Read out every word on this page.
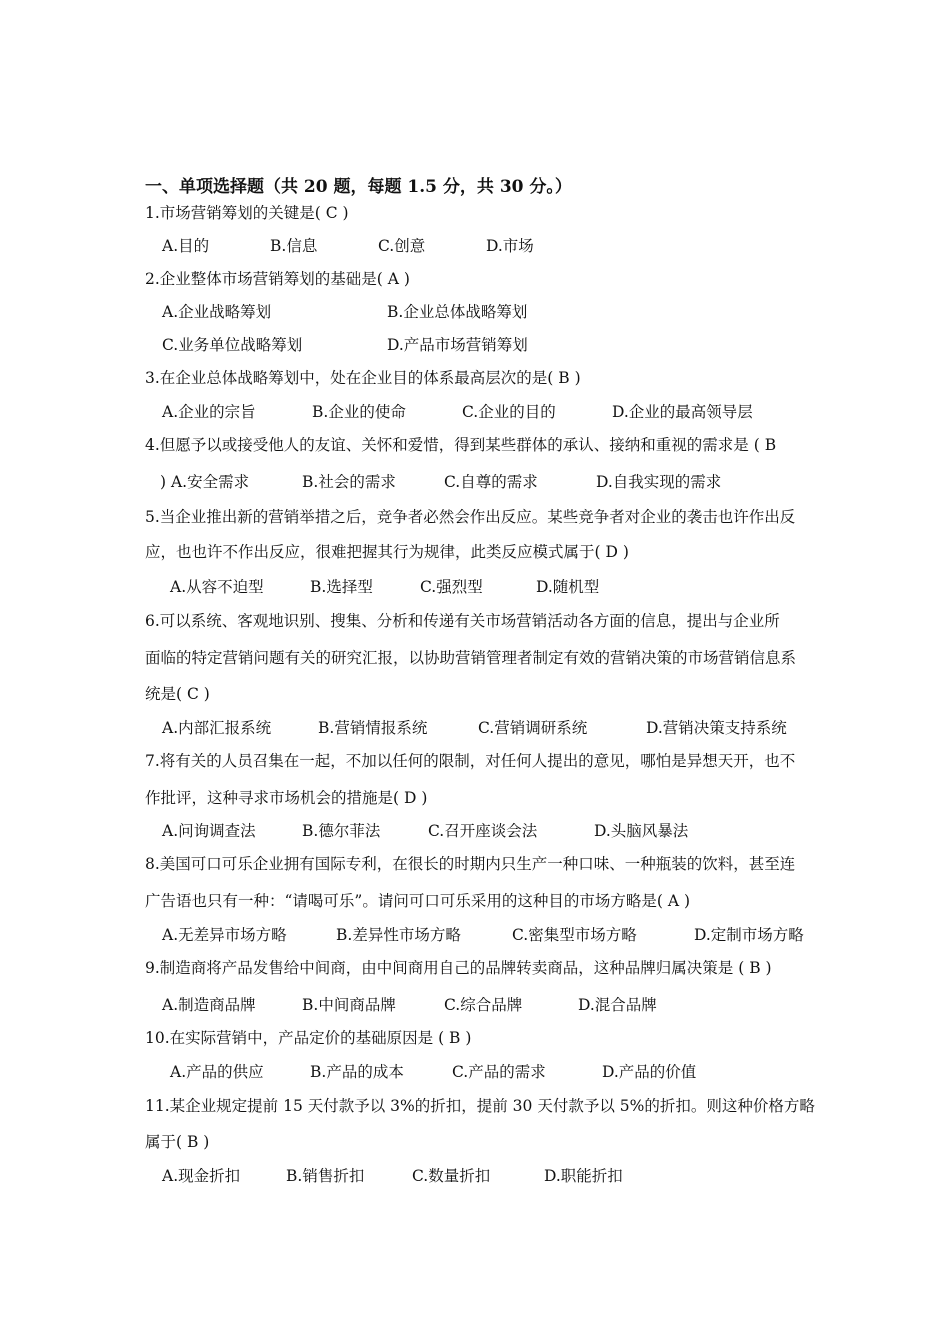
一、单项选择题（共 20 题，每题 1.5 分，共 30 分。）
1.市场营销筹划的关键是( C )
A.目的	B.信息	C.创意	D.市场
2.企业整体市场营销筹划的基础是( A )
A.企业战略筹划	B.企业总体战略筹划
C.业务单位战略筹划	D.产品市场营销筹划
3.在企业总体战略筹划中，处在企业目的体系最高层次的是( B )
A.企业的宗旨	B.企业的使命	C.企业的目的	D.企业的最高领导层
4.但愿予以或接受他人的友谊、关怀和爱惜，得到某些群体的承认、接纳和重视的需求是 ( B
) A.安全需求	B.社会的需求	C.自尊的需求	D.自我实现的需求
5.当企业推出新的营销举措之后，竞争者必然会作出反应。某些竞争者对企业的袭击也许作出反
应，也也许不作出反应，很难把握其行为规律，此类反应模式属于( D )
A.从容不迫型	B.选择型	C.强烈型	D.随机型
6.可以系统、客观地识别、搜集、分析和传递有关市场营销活动各方面的信息，提出与企业所
面临的特定营销问题有关的研究汇报，以协助营销管理者制定有效的营销决策的市场营销信息系
统是( C )
A.内部汇报系统	B.营销情报系统	C.营销调研系统	D.营销决策支持系统
7.将有关的人员召集在一起，不加以任何的限制，对任何人提出的意见，哪怕是异想天开，也不
作批评，这种寻求市场机会的措施是( D )
A.问询调查法	B.德尔菲法	C.召开座谈会法	D.头脑风暴法
8.美国可口可乐企业拥有国际专利，在很长的时期内只生产一种口味、一种瓶装的饮料，甚至连
广告语也只有一种：“请喝可乐”。请问可口可乐采用的这种目的市场方略是( A )
A.无差异市场方略	B.差异性市场方略	C.密集型市场方略	D.定制市场方略
9.制造商将产品发售给中间商，由中间商用自己的品牌转卖商品，这种品牌归属决策是 ( B )
A.制造商品牌	B.中间商品牌	C.综合品牌	D.混合品牌
10.在实际营销中，产品定价的基础原因是 ( B )
A.产品的供应	B.产品的成本	C.产品的需求	D.产品的价值
11.某企业规定提前 15 天付款予以 3%的折扣，提前 30 天付款予以 5%的折扣。则这种价格方略
属于( B )
A.现金折扣	B.销售折扣	C.数量折扣	D.职能折扣
